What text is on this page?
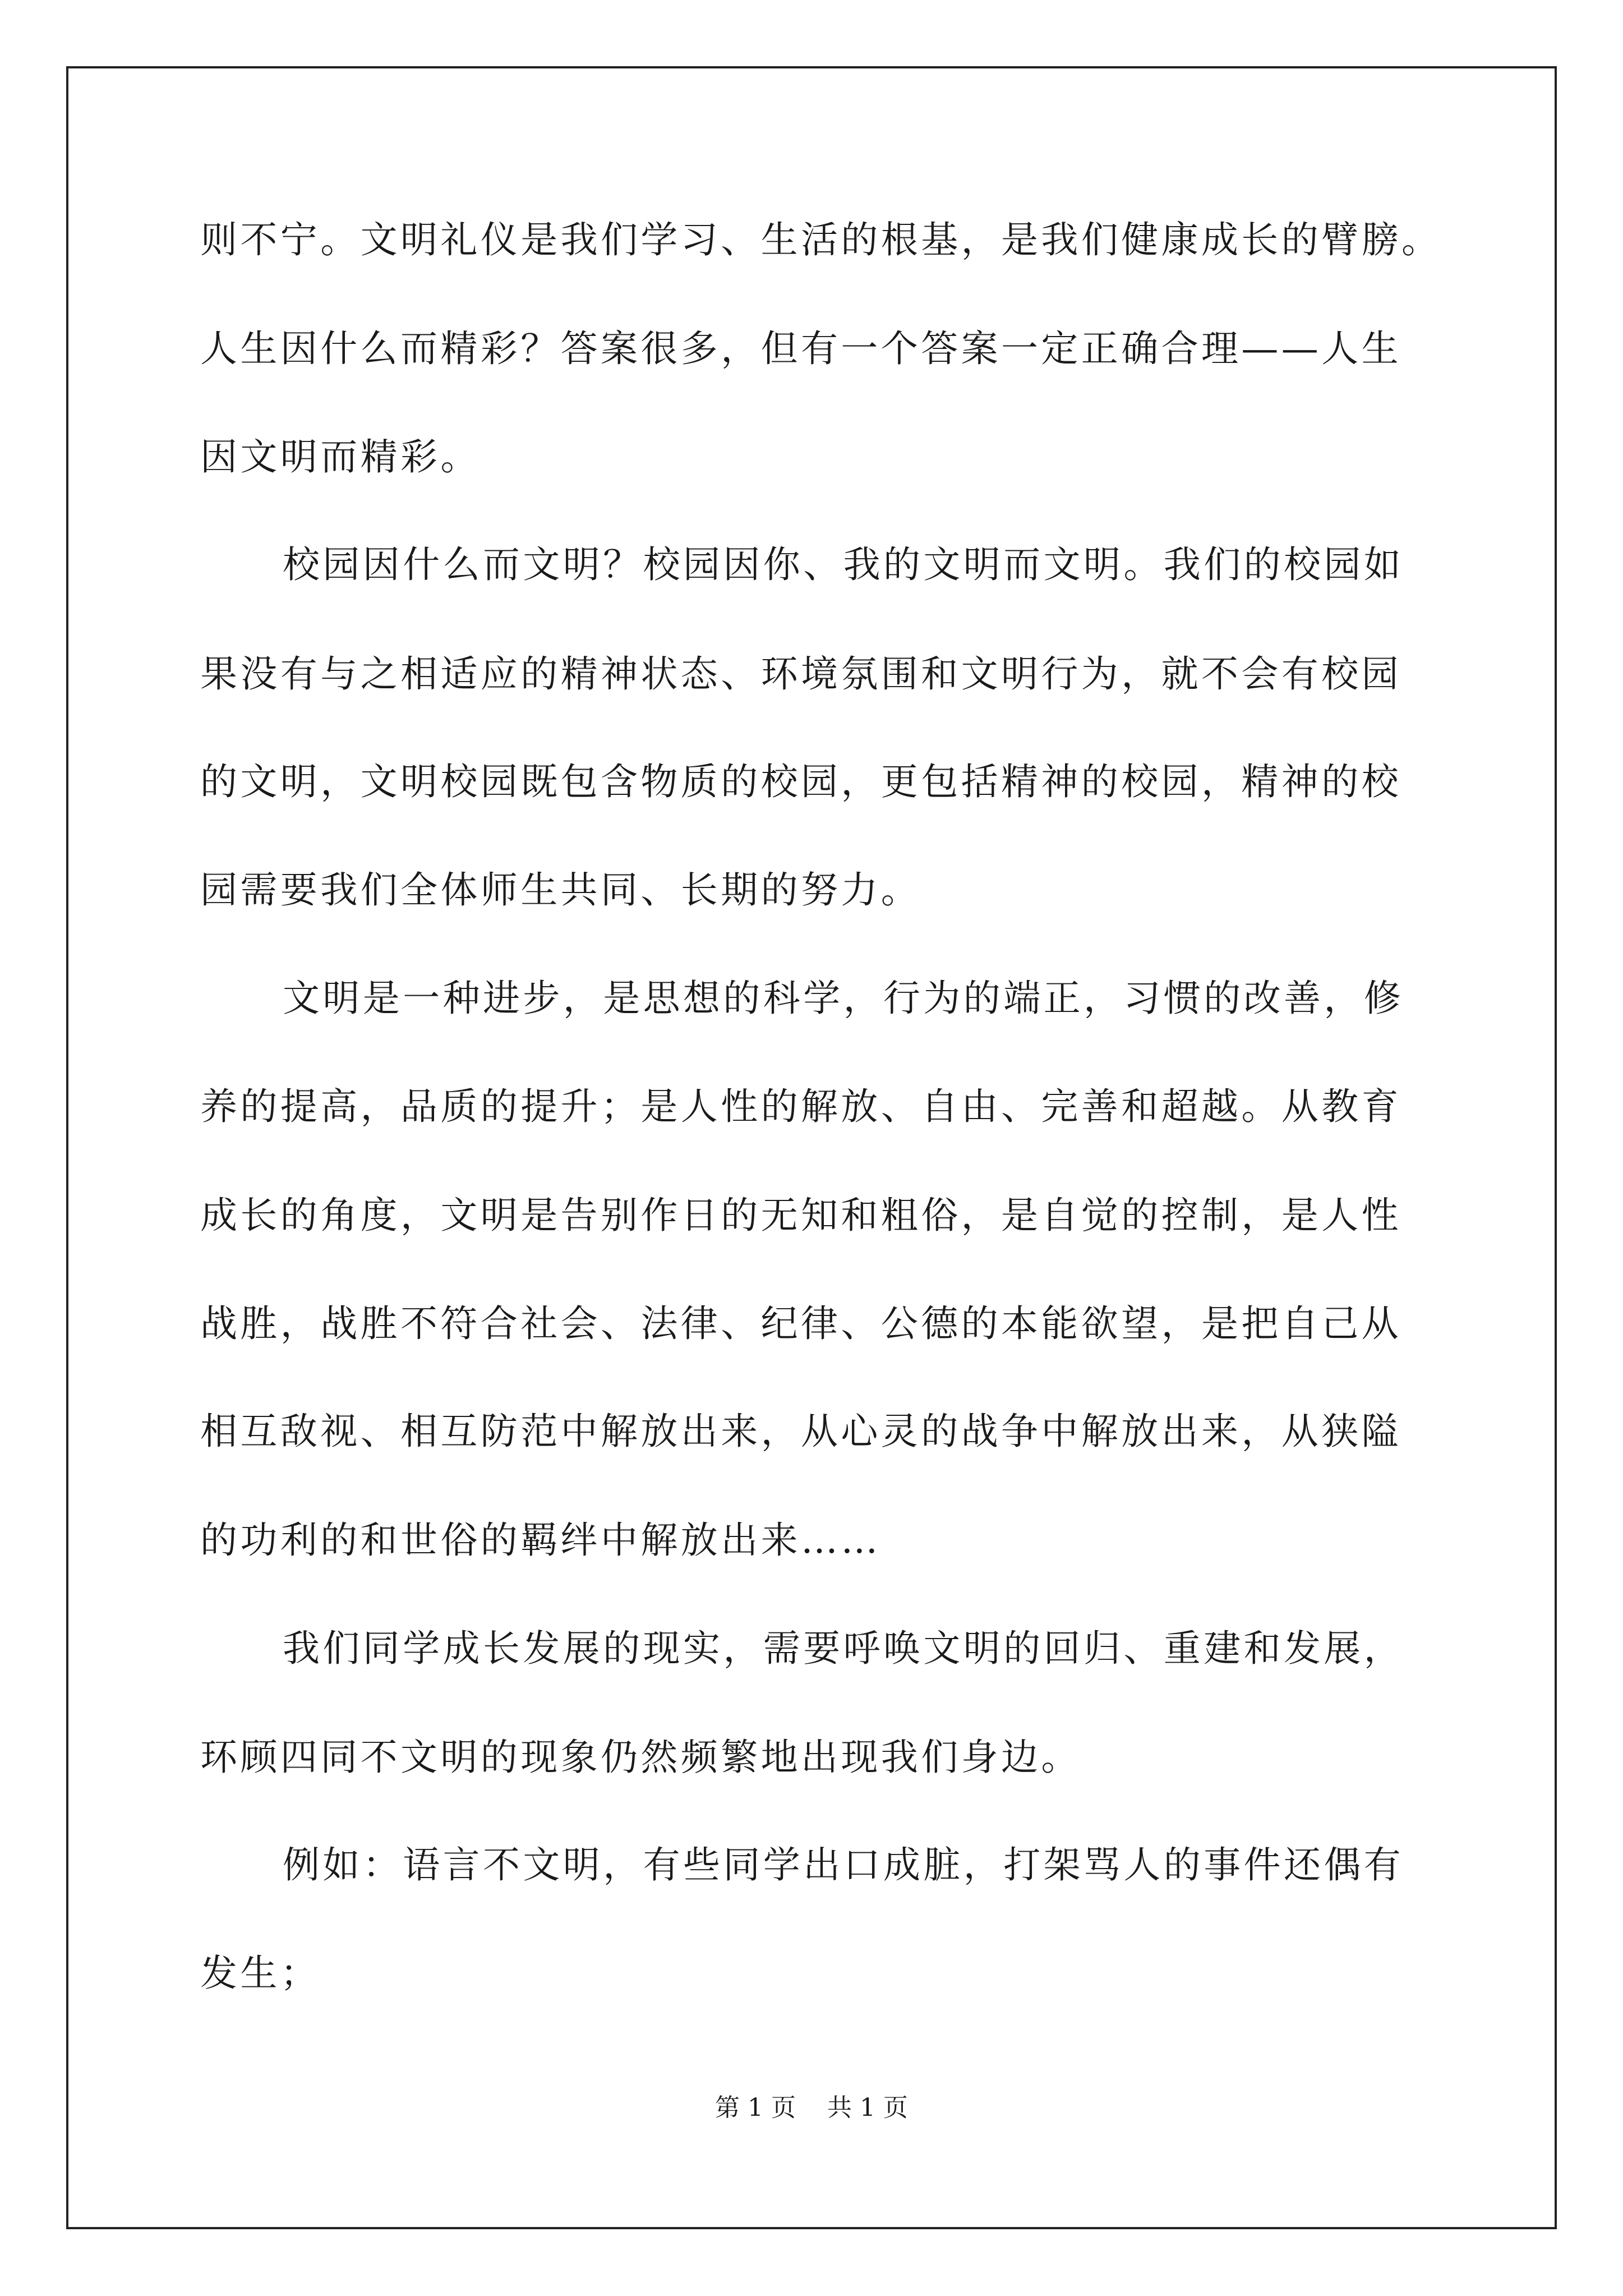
则不宁。文明礼仪是我们学习、生活的根基，是我们健康成长的臂膀。
人生因什么而精彩？答案很多，但有一个答案一定正确合理——人生
因文明而精彩。
校园因什么而文明？校园因你、我的文明而文明。我们的校园如
果没有与之相适应的精神状态、环境氛围和文明行为，就不会有校园
的文明，文明校园既包含物质的校园，更包括精神的校园，精神的校
园需要我们全体师生共同、长期的努力。
文明是一种进步，是思想的科学，行为的端正，习惯的改善，修
养的提高，品质的提升；是人性的解放、自由、完善和超越。从教育
成长的角度，文明是告别作日的无知和粗俗，是自觉的控制，是人性
战胜，战胜不符合社会、法律、纪律、公德的本能欲望，是把自己从
相互敌视、相互防范中解放出来，从心灵的战争中解放出来，从狭隘
的功利的和世俗的羁绊中解放出来……
我们同学成长发展的现实，需要呼唤文明的回归、重建和发展，
环顾四同不文明的现象仍然频繁地出现我们身边。
例如：语言不文明，有些同学出口成脏，打架骂人的事件还偶有
第 1 页    共 1 页
发生；
